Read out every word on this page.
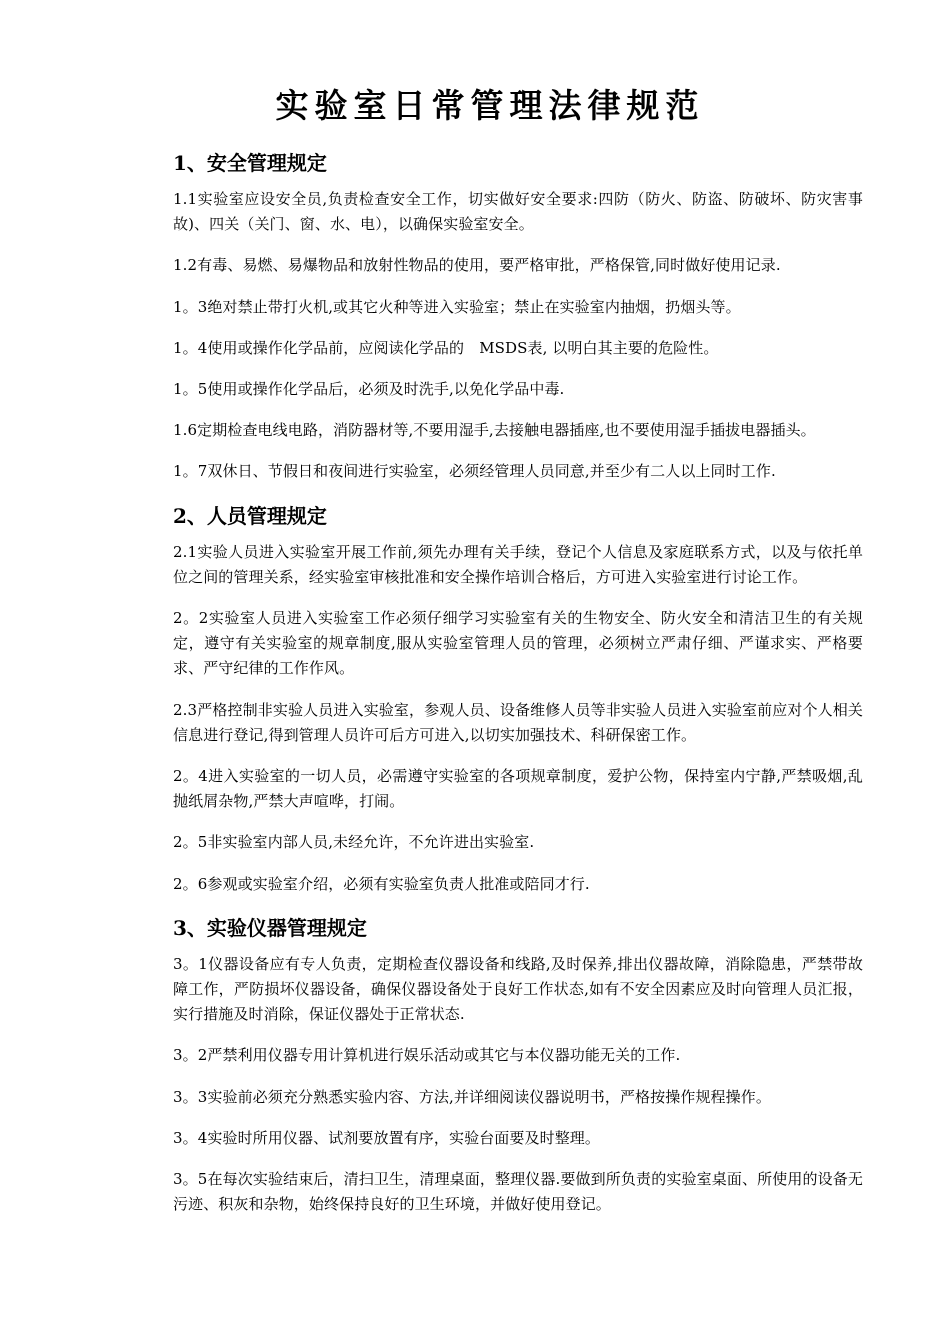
实验室日常管理法律规范
1、安全管理规定

1.1实验室应设安全员,负责检查安全工作，切实做好安全要求:四防（防火、防盗、防破坏、防灾害事故)、四关（关门、窗、水、电），以确保实验室安全。

1.2有毒、易燃、易爆物品和放射性物品的使用，要严格审批，严格保管,同时做好使用记录.

1。3绝对禁止带打火机,或其它火种等进入实验室；禁止在实验室内抽烟，扔烟头等。

1。4使用或操作化学品前，应阅读化学品的　MSDS表, 以明白其主要的危险性。

1。5使用或操作化学品后，必须及时洗手,以免化学品中毒.

1.6定期检查电线电路，消防器材等,不要用湿手,去接触电器插座,也不要使用湿手插拔电器插头。

1。7双休日、节假日和夜间进行实验室，必须经管理人员同意,并至少有二人以上同时工作.

2、人员管理规定

2.1实验人员进入实验室开展工作前,须先办理有关手续，登记个人信息及家庭联系方式，以及与依托单位之间的管理关系，经实验室审核批准和安全操作培训合格后，方可进入实验室进行讨论工作。

2。2实验室人员进入实验室工作必须仔细学习实验室有关的生物安全、防火安全和清洁卫生的有关规定，遵守有关实验室的规章制度,服从实验室管理人员的管理，必须树立严肃仔细、严谨求实、严格要求、严守纪律的工作作风。

2.3严格控制非实验人员进入实验室，参观人员、设备维修人员等非实验人员进入实验室前应对个人相关信息进行登记,得到管理人员许可后方可进入,以切实加强技术、科研保密工作。

2。4进入实验室的一切人员，必需遵守实验室的各项规章制度，爱护公物，保持室内宁静,严禁吸烟,乱抛纸屑杂物,严禁大声喧哗，打闹。

2。5非实验室内部人员,未经允许，不允许进出实验室.

2。6参观或实验室介绍，必须有实验室负责人批准或陪同才行.

3、实验仪器管理规定

3。1仪器设备应有专人负责，定期检查仪器设备和线路,及时保养,排出仪器故障，消除隐患，严禁带故障工作，严防损坏仪器设备，确保仪器设备处于良好工作状态,如有不安全因素应及时向管理人员汇报，实行措施及时消除，保证仪器处于正常状态.

3。2严禁利用仪器专用计算机进行娱乐活动或其它与本仪器功能无关的工作.

3。3实验前必须充分熟悉实验内容、方法,并详细阅读仪器说明书，严格按操作规程操作。

3。4实验时所用仪器、试剂要放置有序，实验台面要及时整理。

3。5在每次实验结束后，清扫卫生，清理桌面，整理仪器.要做到所负责的实验室桌面、所使用的设备无污迹、积灰和杂物，始终保持良好的卫生环境，并做好使用登记。
